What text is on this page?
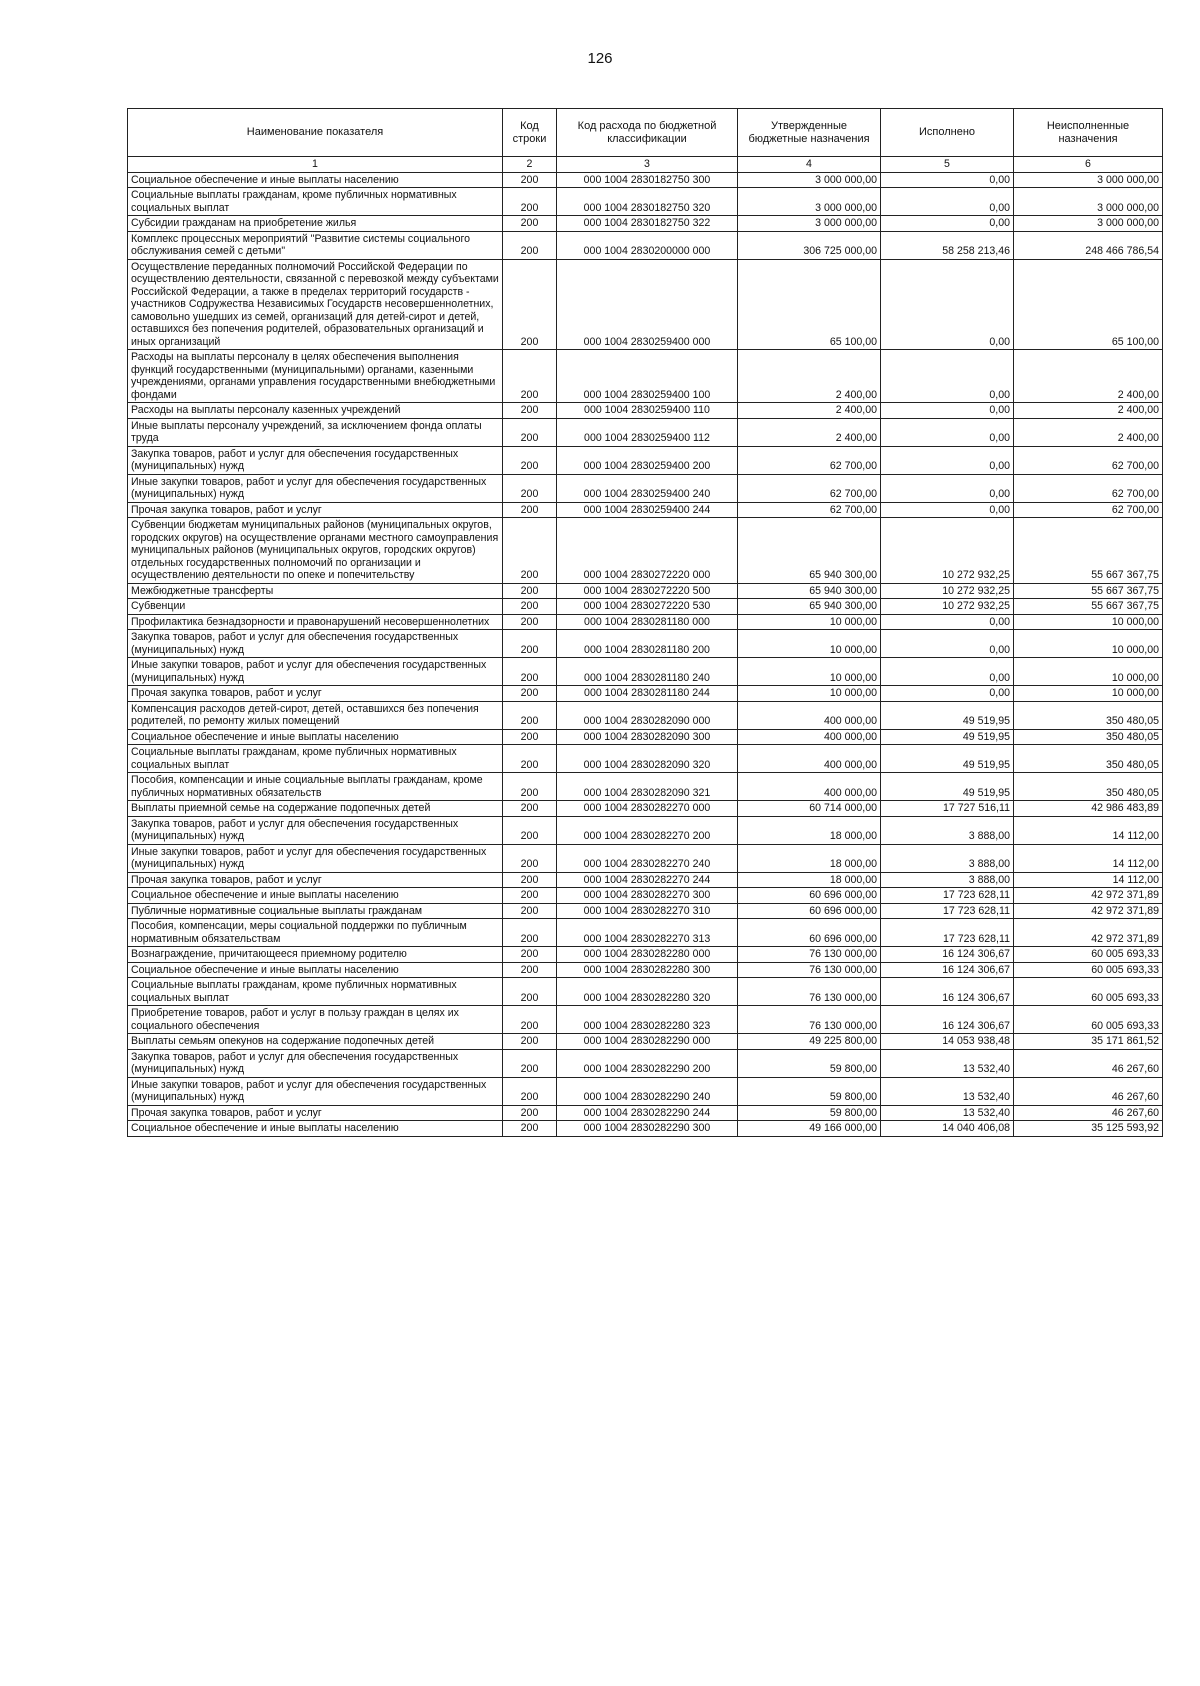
126
Наименование показателя	Код строки	Код расхода по бюджетной классификации	Утвержденные бюджетные назначения	Исполнено	Неисполненные назначения
1	2	3	4	5	6
Социальное обеспечение и иные выплаты населению	200	000 1004 2830182750 300	3 000 000,00	0,00	3 000 000,00
Социальные выплаты гражданам, кроме публичных нормативных социальных выплат	200	000 1004 2830182750 320	3 000 000,00	0,00	3 000 000,00
Субсидии гражданам на приобретение жилья	200	000 1004 2830182750 322	3 000 000,00	0,00	3 000 000,00
Комплекс процессных мероприятий "Развитие системы социального обслуживания семей с детьми"	200	000 1004 2830200000 000	306 725 000,00	58 258 213,46	248 466 786,54
Осуществление переданных полномочий Российской Федерации по осуществлению деятельности, связанной с перевозкой между субъектами Российской Федерации, а также в пределах территорий государств - участников Содружества Независимых Государств несовершеннолетних, самовольно ушедших из семей, организаций для детей-сирот и детей, оставшихся без попечения родителей, образовательных организаций и иных организаций	200	000 1004 2830259400 000	65 100,00	0,00	65 100,00
Расходы на выплаты персоналу в целях обеспечения выполнения функций государственными (муниципальными) органами, казенными учреждениями, органами управления государственными внебюджетными фондами	200	000 1004 2830259400 100	2 400,00	0,00	2 400,00
Расходы на выплаты персоналу казенных учреждений	200	000 1004 2830259400 110	2 400,00	0,00	2 400,00
Иные выплаты персоналу учреждений, за исключением фонда оплаты труда	200	000 1004 2830259400 112	2 400,00	0,00	2 400,00
Закупка товаров, работ и услуг для обеспечения государственных (муниципальных) нужд	200	000 1004 2830259400 200	62 700,00	0,00	62 700,00
Иные закупки товаров, работ и услуг для обеспечения государственных (муниципальных) нужд	200	000 1004 2830259400 240	62 700,00	0,00	62 700,00
Прочая закупка товаров, работ и услуг	200	000 1004 2830259400 244	62 700,00	0,00	62 700,00
Субвенции бюджетам муниципальных районов (муниципальных округов, городских округов) на осуществление органами местного самоуправления муниципальных районов (муниципальных округов, городских округов) отдельных государственных полномочий по организации и осуществлению деятельности по опеке и попечительству	200	000 1004 2830272220 000	65 940 300,00	10 272 932,25	55 667 367,75
Межбюджетные трансферты	200	000 1004 2830272220 500	65 940 300,00	10 272 932,25	55 667 367,75
Субвенции	200	000 1004 2830272220 530	65 940 300,00	10 272 932,25	55 667 367,75
Профилактика безнадзорности и правонарушений несовершеннолетних	200	000 1004 2830281180 000	10 000,00	0,00	10 000,00
Закупка товаров, работ и услуг для обеспечения государственных (муниципальных) нужд	200	000 1004 2830281180 200	10 000,00	0,00	10 000,00
Иные закупки товаров, работ и услуг для обеспечения государственных (муниципальных) нужд	200	000 1004 2830281180 240	10 000,00	0,00	10 000,00
Прочая закупка товаров, работ и услуг	200	000 1004 2830281180 244	10 000,00	0,00	10 000,00
Компенсация расходов детей-сирот, детей, оставшихся без попечения родителей, по ремонту жилых помещений	200	000 1004 2830282090 000	400 000,00	49 519,95	350 480,05
Социальное обеспечение и иные выплаты населению	200	000 1004 2830282090 300	400 000,00	49 519,95	350 480,05
Социальные выплаты гражданам, кроме публичных нормативных социальных выплат	200	000 1004 2830282090 320	400 000,00	49 519,95	350 480,05
Пособия, компенсации и иные социальные выплаты гражданам, кроме публичных нормативных обязательств	200	000 1004 2830282090 321	400 000,00	49 519,95	350 480,05
Выплаты приемной семье на содержание подопечных детей	200	000 1004 2830282270 000	60 714 000,00	17 727 516,11	42 986 483,89
Закупка товаров, работ и услуг для обеспечения государственных (муниципальных) нужд	200	000 1004 2830282270 200	18 000,00	3 888,00	14 112,00
Иные закупки товаров, работ и услуг для обеспечения государственных (муниципальных) нужд	200	000 1004 2830282270 240	18 000,00	3 888,00	14 112,00
Прочая закупка товаров, работ и услуг	200	000 1004 2830282270 244	18 000,00	3 888,00	14 112,00
Социальное обеспечение и иные выплаты населению	200	000 1004 2830282270 300	60 696 000,00	17 723 628,11	42 972 371,89
Публичные нормативные социальные выплаты гражданам	200	000 1004 2830282270 310	60 696 000,00	17 723 628,11	42 972 371,89
Пособия, компенсации, меры социальной поддержки по публичным нормативным обязательствам	200	000 1004 2830282270 313	60 696 000,00	17 723 628,11	42 972 371,89
Вознаграждение, причитающееся приемному родителю	200	000 1004 2830282280 000	76 130 000,00	16 124 306,67	60 005 693,33
Социальное обеспечение и иные выплаты населению	200	000 1004 2830282280 300	76 130 000,00	16 124 306,67	60 005 693,33
Социальные выплаты гражданам, кроме публичных нормативных социальных выплат	200	000 1004 2830282280 320	76 130 000,00	16 124 306,67	60 005 693,33
Приобретение товаров, работ и услуг в пользу граждан в целях их социального обеспечения	200	000 1004 2830282280 323	76 130 000,00	16 124 306,67	60 005 693,33
Выплаты семьям опекунов на содержание подопечных детей	200	000 1004 2830282290 000	49 225 800,00	14 053 938,48	35 171 861,52
Закупка товаров, работ и услуг для обеспечения государственных (муниципальных) нужд	200	000 1004 2830282290 200	59 800,00	13 532,40	46 267,60
Иные закупки товаров, работ и услуг для обеспечения государственных (муниципальных) нужд	200	000 1004 2830282290 240	59 800,00	13 532,40	46 267,60
Прочая закупка товаров, работ и услуг	200	000 1004 2830282290 244	59 800,00	13 532,40	46 267,60
Социальное обеспечение и иные выплаты населению	200	000 1004 2830282290 300	49 166 000,00	14 040 406,08	35 125 593,92
